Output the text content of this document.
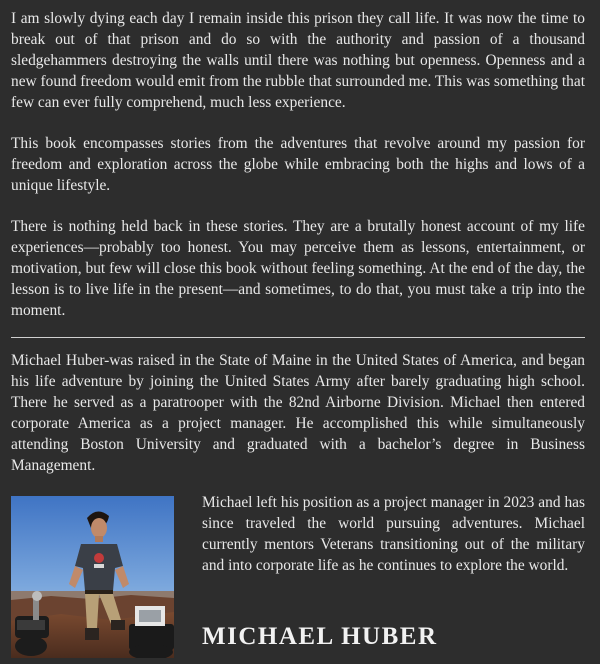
I am slowly dying each day I remain inside this prison they call life. It was now the time to break out of that prison and do so with the authority and passion of a thousand sledgehammers destroying the walls until there was nothing but openness. Openness and a new found freedom would emit from the rubble that surrounded me. This was something that few can ever fully comprehend, much less experience.

This book encompasses stories from the adventures that revolve around my passion for freedom and exploration across the globe while embracing both the highs and lows of a unique lifestyle.

There is nothing held back in these stories. They are a brutally honest account of my life experiences—probably too honest. You may perceive them as lessons, entertainment, or motivation, but few will close this book without feeling something. At the end of the day, the lesson is to live life in the present—and sometimes, to do that, you must take a trip into the moment.

Michael Huber-was raised in the State of Maine in the United States of America, and began his life adventure by joining the United States Army after barely graduating high school. There he served as a paratrooper with the 82nd Airborne Division. Michael then entered corporate America as a project manager. He accomplished this while simultaneously attending Boston University and graduated with a bachelor’s degree in Business Management.

Michael left his position as a project manager in 2023 and has since traveled the world pursuing adventures. Michael currently mentors Veterans transitioning out of the military and into corporate life as he continues to explore the world.

MICHAEL HUBER
